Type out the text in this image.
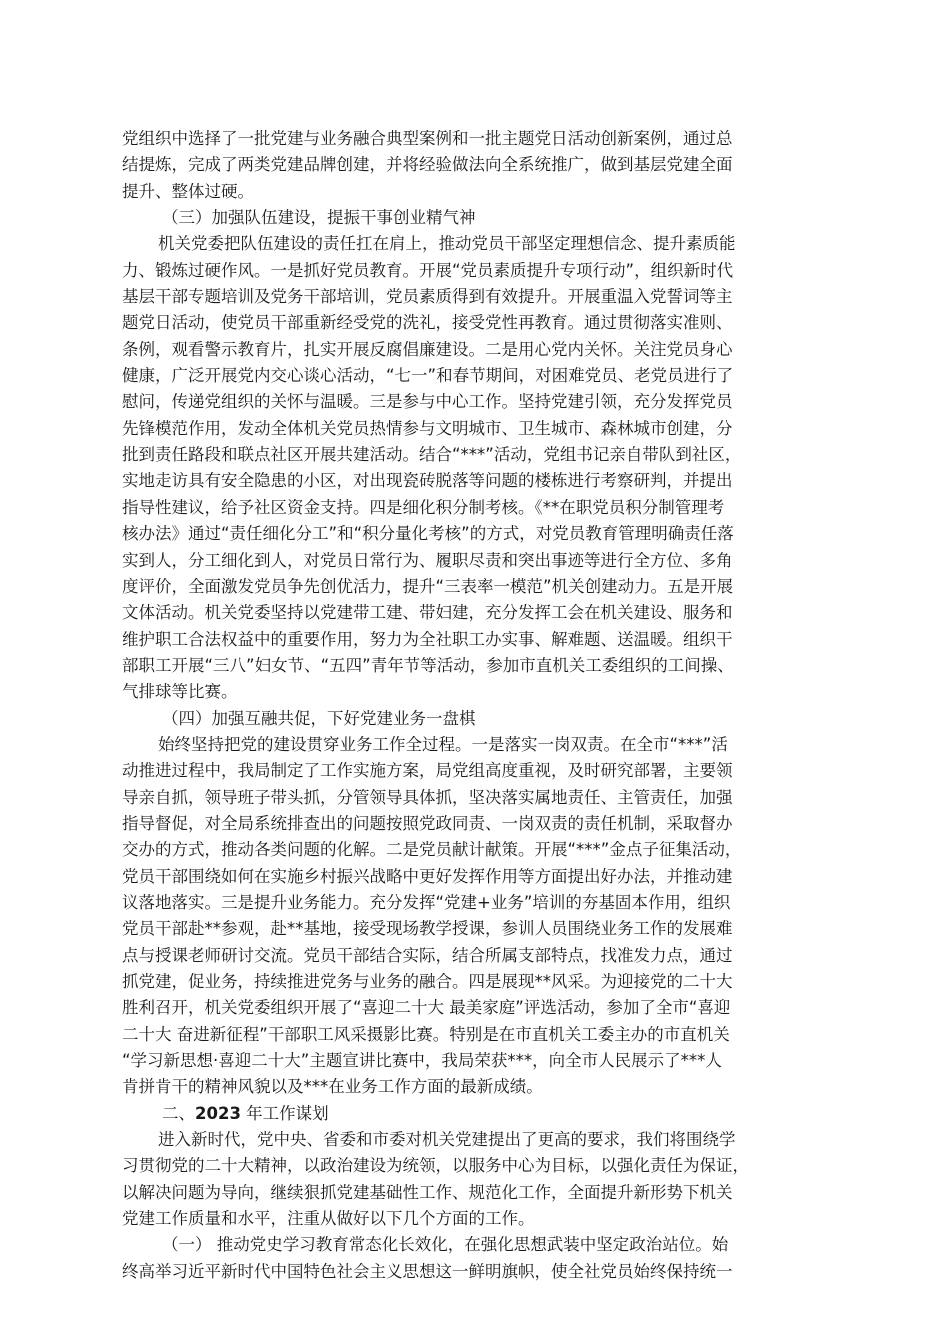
党组织中选择了一批党建与业务融合典型案例和一批主题党日活动创新案例，通过总
结提炼，完成了两类党建品牌创建，并将经验做法向全系统推广，做到基层党建全面
提升、整体过硬。

（三）加强队伍建设，提振干事创业精气神

机关党委把队伍建设的责任扛在肩上，推动党员干部坚定理想信念、提升素质能
力、锻炼过硬作风。一是抓好党员教育。开展“党员素质提升专项行动”，组织新时代
基层干部专题培训及党务干部培训，党员素质得到有效提升。开展重温入党誓词等主
题党日活动，使党员干部重新经受党的洗礼，接受党性再教育。通过贯彻落实准则、
条例，观看警示教育片，扎实开展反腐倡廉建设。二是用心党内关怀。关注党员身心
健康，广泛开展党内交心谈心活动，“七一”和春节期间，对困难党员、老党员进行了
慰问，传递党组织的关怀与温暖。三是参与中心工作。坚持党建引领，充分发挥党员
先锋模范作用，发动全体机关党员热情参与文明城市、卫生城市、森林城市创建，分
批到责任路段和联点社区开展共建活动。结合“***”活动，党组书记亲自带队到社区，
实地走访具有安全隐患的小区，对出现瓷砖脱落等问题的楼栋进行考察研判，并提出
指导性建议，给予社区资金支持。四是细化积分制考核。《**在职党员积分制管理考
核办法》通过“责任细化分工”和“积分量化考核”的方式，对党员教育管理明确责任落
实到人，分工细化到人，对党员日常行为、履职尽责和突出事迹等进行全方位、多角
度评价，全面激发党员争先创优活力，提升“三表率一模范”机关创建动力。五是开展
文体活动。机关党委坚持以党建带工建、带妇建，充分发挥工会在机关建设、服务和
维护职工合法权益中的重要作用，努力为全社职工办实事、解难题、送温暖。组织干
部职工开展“三八”妇女节、“五四”青年节等活动，参加市直机关工委组织的工间操、
气排球等比赛。

（四）加强互融共促，下好党建业务一盘棋

始终坚持把党的建设贯穿业务工作全过程。一是落实一岗双责。在全市“***”活
动推进过程中，我局制定了工作实施方案，局党组高度重视，及时研究部署，主要领
导亲自抓，领导班子带头抓，分管领导具体抓，坚决落实属地责任、主管责任，加强
指导督促，对全局系统排查出的问题按照党政同责、一岗双责的责任机制，采取督办
交办的方式，推动各类问题的化解。二是党员献计献策。开展“***”金点子征集活动，
党员干部围绕如何在实施乡村振兴战略中更好发挥作用等方面提出好办法，并推动建
议落地落实。三是提升业务能力。充分发挥“党建+业务”培训的夯基固本作用，组织
党员干部赴**参观，赴**基地，接受现场教学授课，参训人员围绕业务工作的发展难
点与授课老师研讨交流。党员干部结合实际，结合所属支部特点，找准发力点，通过
抓党建，促业务，持续推进党务与业务的融合。四是展现**风采。为迎接党的二十大
胜利召开，机关党委组织开展了“喜迎二十大 最美家庭”评选活动，参加了全市“喜迎
二十大 奋进新征程”干部职工风采摄影比赛。特别是在市直机关工委主办的市直机关
“学习新思想·喜迎二十大”主题宣讲比赛中，我局荣获***，向全市人民展示了***人
肯拼肯干的精神风貌以及***在业务工作方面的最新成绩。

二、2023 年工作谋划

进入新时代，党中央、省委和市委对机关党建提出了更高的要求，我们将围绕学
习贯彻党的二十大精神，以政治建设为统领，以服务中心为目标，以强化责任为保证，
以解决问题为导向，继续狠抓党建基础性工作、规范化工作，全面提升新形势下机关
党建工作质量和水平，注重从做好以下几个方面的工作。

（一） 推动党史学习教育常态化长效化，在强化思想武装中坚定政治站位。始
终高举习近平新时代中国特色社会主义思想这一鲜明旗帜，使全社党员始终保持统一
